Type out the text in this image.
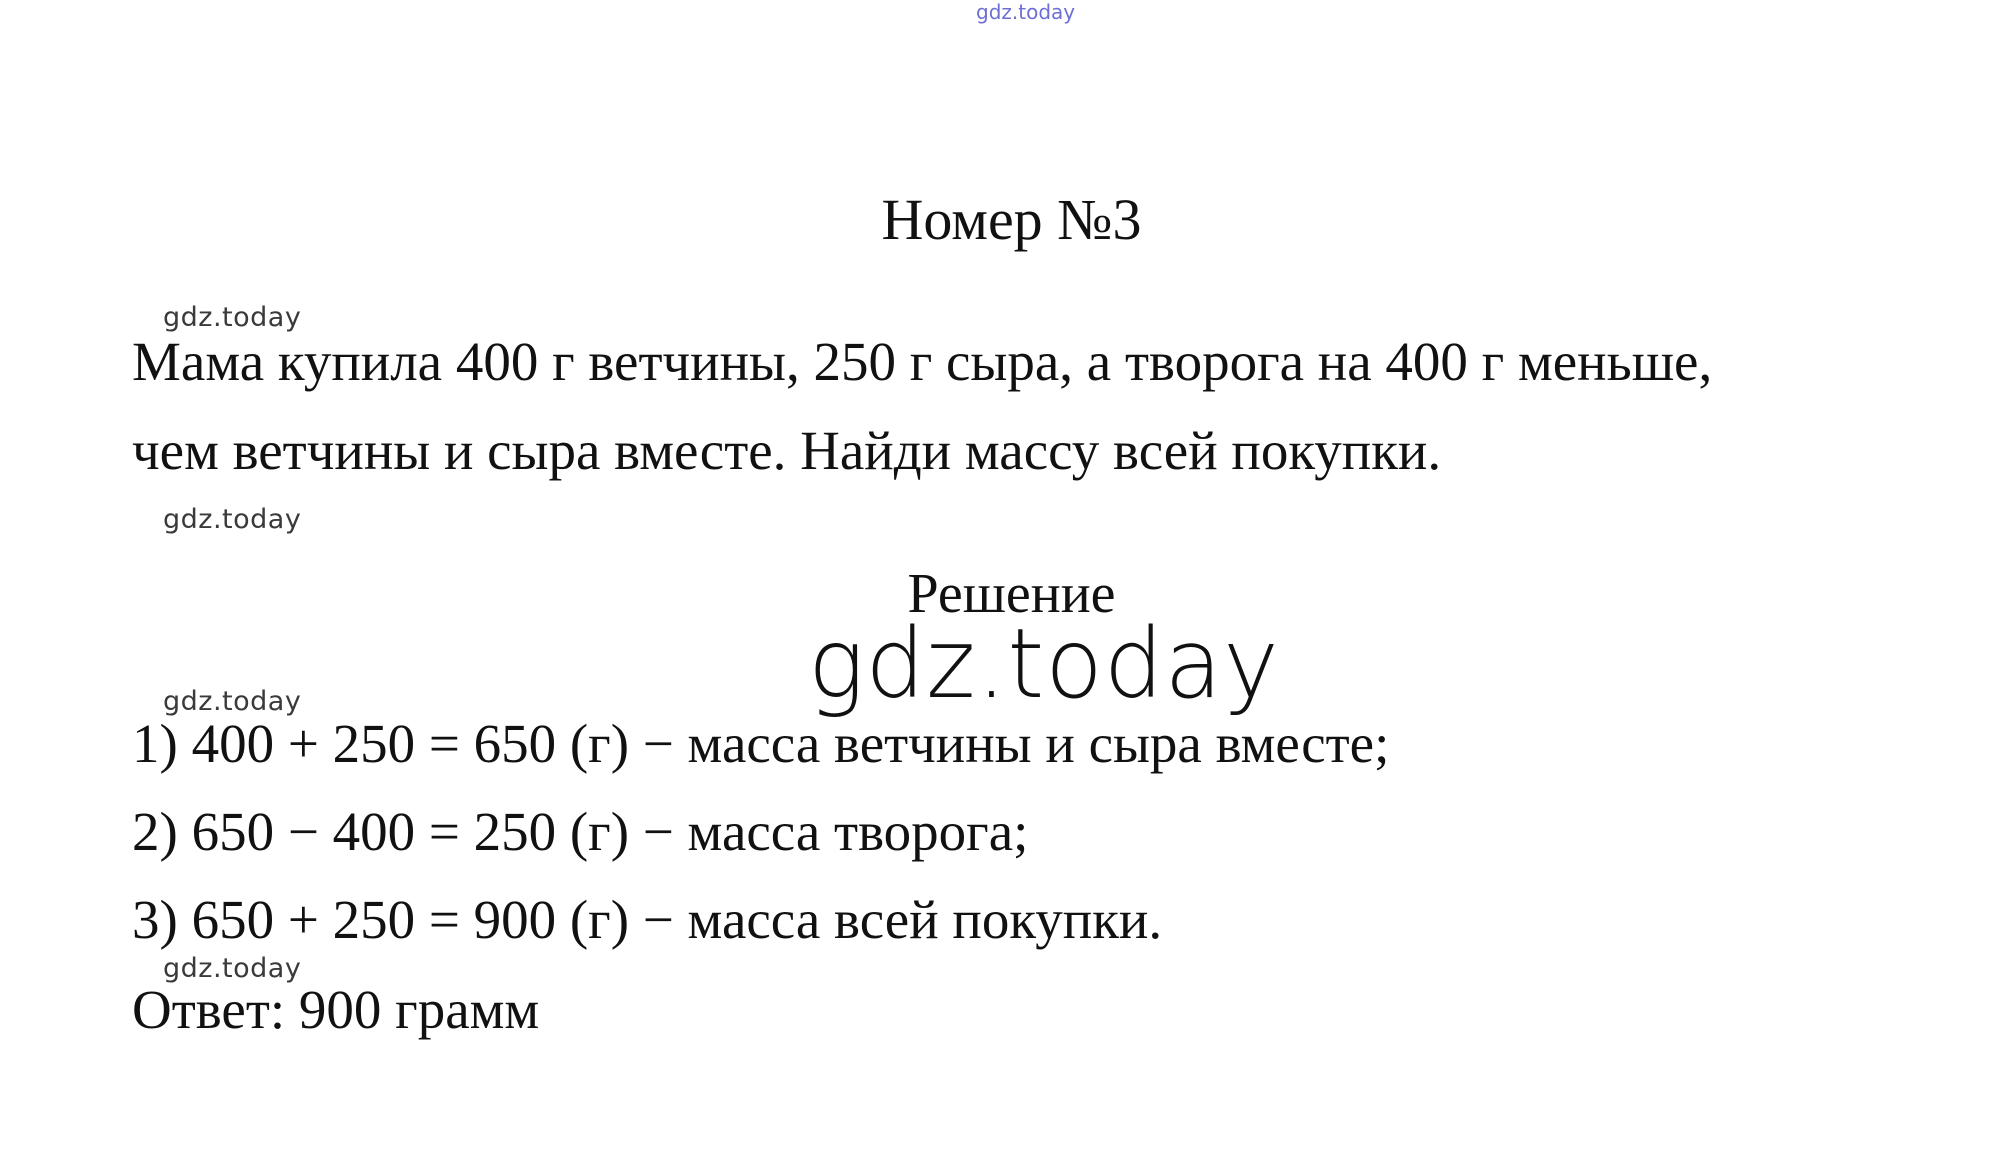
gdz.today
Номер №3
gdz.today
Мама купила 400 г ветчины, 250 г сыра, а творога на 400 г меньше,
чем ветчины и сыра вместе. Найди массу всей покупки.
gdz.today
Решение
gdz.today
gdz.today
1) 400 + 250 = 650 (г) − масса ветчины и сыра вместе;
2) 650 − 400 = 250 (г) − масса творога;
3) 650 + 250 = 900 (г) − масса всей покупки.
gdz.today
Ответ: 900 грамм
